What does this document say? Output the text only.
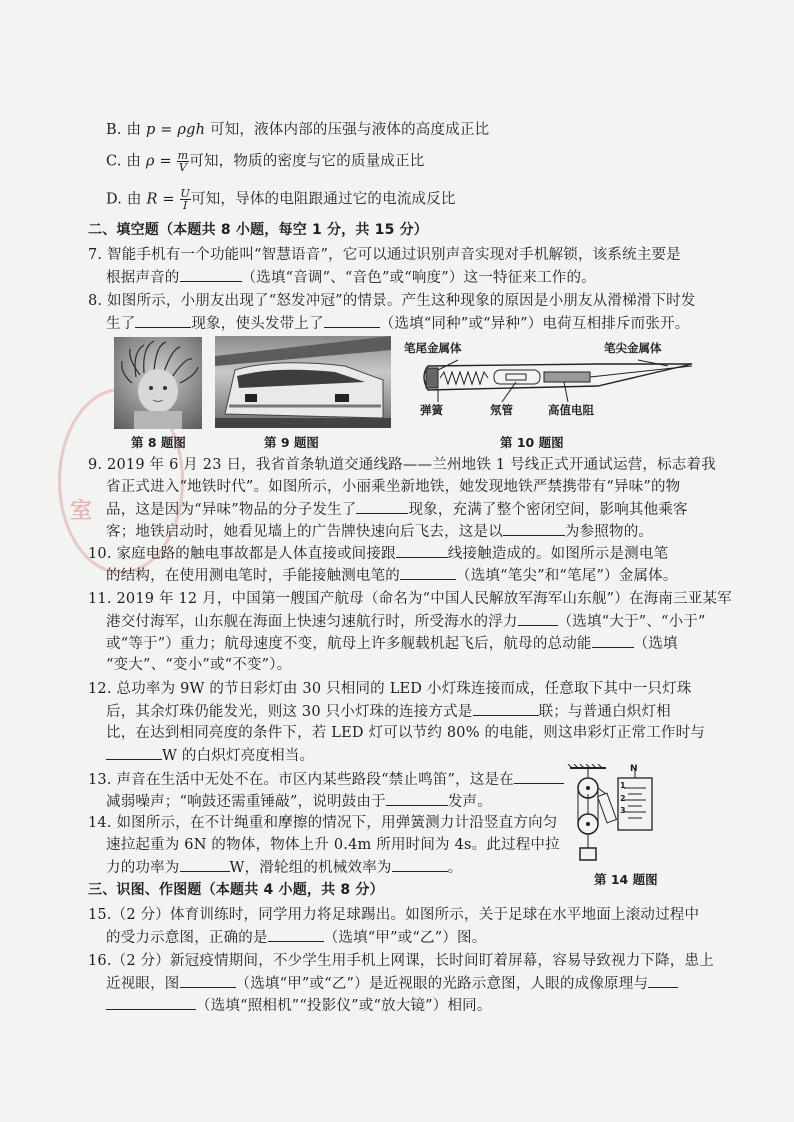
B. 由 p = ρgh 可知，液体内部的压强与液体的高度成正比
C. 由 $\rho = \frac{m}{V}$ 可知，物质的密度与它的质量成正比
D. 由 $R = \frac{U}{I}$ 可知，导体的电阻跟通过它的电流成反比
二、填空题（本题共 8 小题，每空 1 分，共 15 分）
7. 智能手机有一个功能叫“智慧语音”，它可以通过识别声音实现对手机解锁，该系统主要是
根据声音的	（选填“音调”、“音色”或“响度”）这一特征来工作的。
8. 如图所示，小朋友出现了“怒发冲冠”的情景。产生这种现象的原因是小朋友从滑梯滑下时发
生了	现象，使头发带上了	（选填“同种”或“异种”）电荷互相排斥而张开。
第 8 题图	第 9 题图
笔尾金属体	笔尖金属体
弹簧	氖管	高值电阻
第 10 题图
9. 2019 年 6 月 23 日，我省首条轨道交通线路——兰州地铁 1 号线正式开通试运营，标志着我
省正式进入“地铁时代”。如图所示，小丽乘坐新地铁，她发现地铁严禁携带有“异味”的物
品，这是因为“异味”物品的分子发生了	现象，充满了整个密闭空间，影响其他乘客
客；地铁启动时，她看见墙上的广告牌快速向后飞去，这是以	为参照物的。
10. 家庭电路的触电事故都是人体直接或间接跟	线接触造成的。如图所示是测电笔
的结构，在使用测电笔时，手能接触测电笔的	（选填“笔尖”和“笔尾”）金属体。
11. 2019 年 12 月，中国第一艘国产航母（命名为“中国人民解放军海军山东舰”）在海南三亚某军
港交付海军，山东舰在海面上快速匀速航行时，所受海水的浮力	（选填“大于”、“小于”
或“等于”）重力；航母速度不变，航母上许多舰载机起飞后，航母的总动能	（选填
“变大”、“变小”或“不变”）。
12. 总功率为 9W 的节日彩灯由 30 只相同的 LED 小灯珠连接而成，任意取下其中一只灯珠
后，其余灯珠仍能发光，则这 30 只小灯珠的连接方式是	联；与普通白炽灯相
比，在达到相同亮度的条件下，若 LED 灯可以节约 80% 的电能，则这串彩灯正常工作时与
W 的白炽灯亮度相当。
13. 声音在生活中无处不在。市区内某些路段“禁止鸣笛”，这是在
减弱噪声；“响鼓还需重锤敲”，说明鼓由于	发声。
14. 如图所示，在不计绳重和摩擦的情况下，用弹簧测力计沿竖直方向匀
速拉起重为 6N 的物体，物体上升 0.4m 所用时间为 4s。此过程中拉
力的功率为	W，滑轮组的机械效率为	。
N
1
2
3
第 14 题图
三、识图、作图题（本题共 4 小题，共 8 分）
15.（2 分）体育训练时，同学用力将足球踢出。如图所示，关于足球在水平地面上滚动过程中
的受力示意图，正确的是	（选填“甲”或“乙”）图。
16.（2 分）新冠疫情期间，不少学生用手机上网课，长时间盯着屏幕，容易导致视力下降，患上
近视眼，图	（选填“甲”或“乙”）是近视眼的光路示意图，人眼的成像原理与
（选填“照相机”“投影仪”或“放大镜”）相同。
室
